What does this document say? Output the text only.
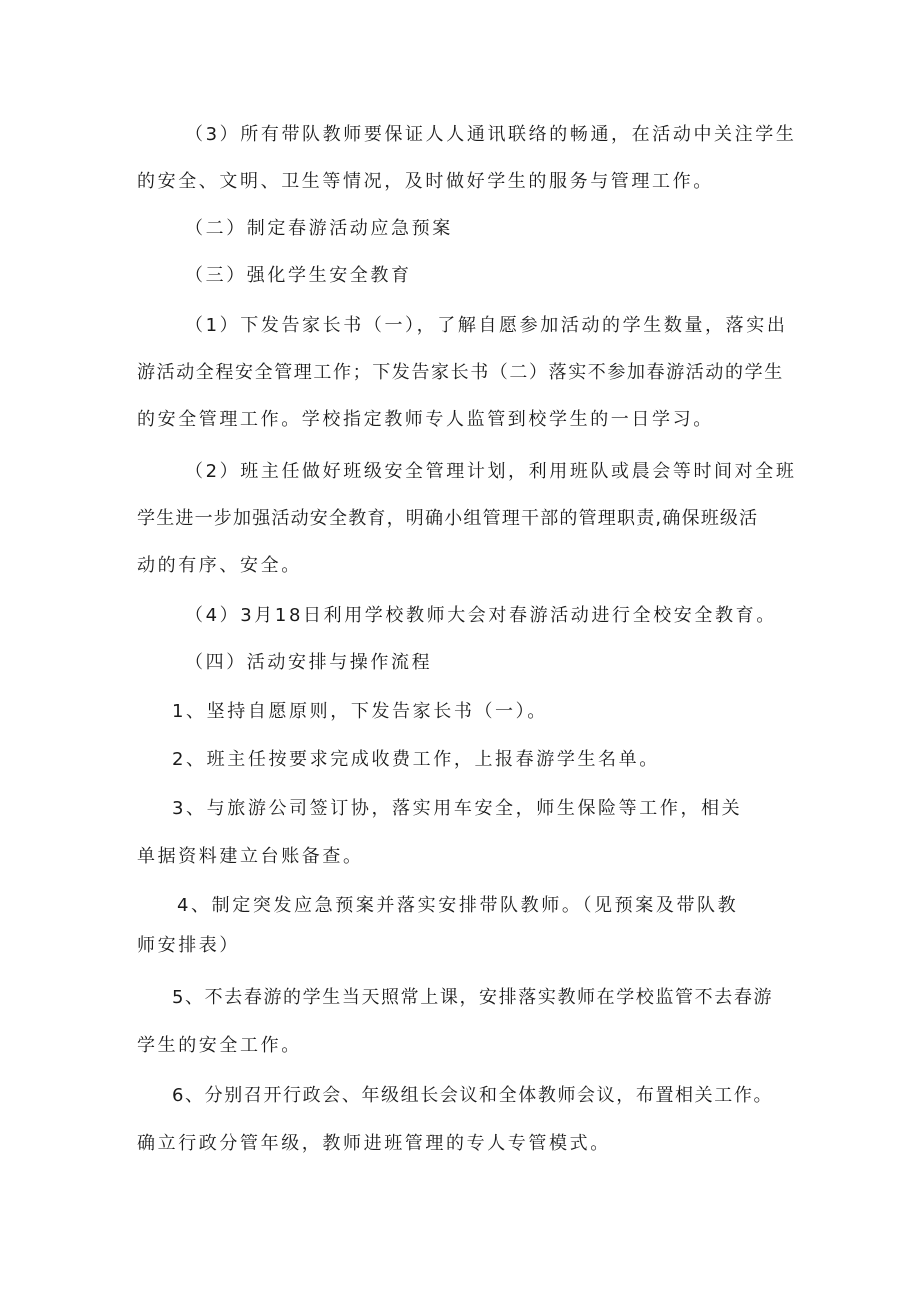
（3）所有带队教师要保证人人通讯联络的畅通，在活动中关注学生
的安全、文明、卫生等情况，及时做好学生的服务与管理工作。
（二）制定春游活动应急预案
（三）强化学生安全教育
（1）下发告家长书（一），了解自愿参加活动的学生数量，落实出
游活动全程安全管理工作；下发告家长书（二）落实不参加春游活动的学生
的安全管理工作。学校指定教师专人监管到校学生的一日学习。
（2）班主任做好班级安全管理计划，利用班队或晨会等时间对全班
学生进一步加强活动安全教育，明确小组管理干部的管理职责,确保班级活
动的有序、安全。
（4）3月18日利用学校教师大会对春游活动进行全校安全教育。
（四）活动安排与操作流程
1、坚持自愿原则，下发告家长书（一）。
2、班主任按要求完成收费工作，上报春游学生名单。
3、与旅游公司签订协，落实用车安全，师生保险等工作，相关
单据资料建立台账备查。
4、制定突发应急预案并落实安排带队教师。（见预案及带队教
师安排表）
5、不去春游的学生当天照常上课，安排落实教师在学校监管不去春游
学生的安全工作。
6、分别召开行政会、年级组长会议和全体教师会议，布置相关工作。
确立行政分管年级，教师进班管理的专人专管模式。
